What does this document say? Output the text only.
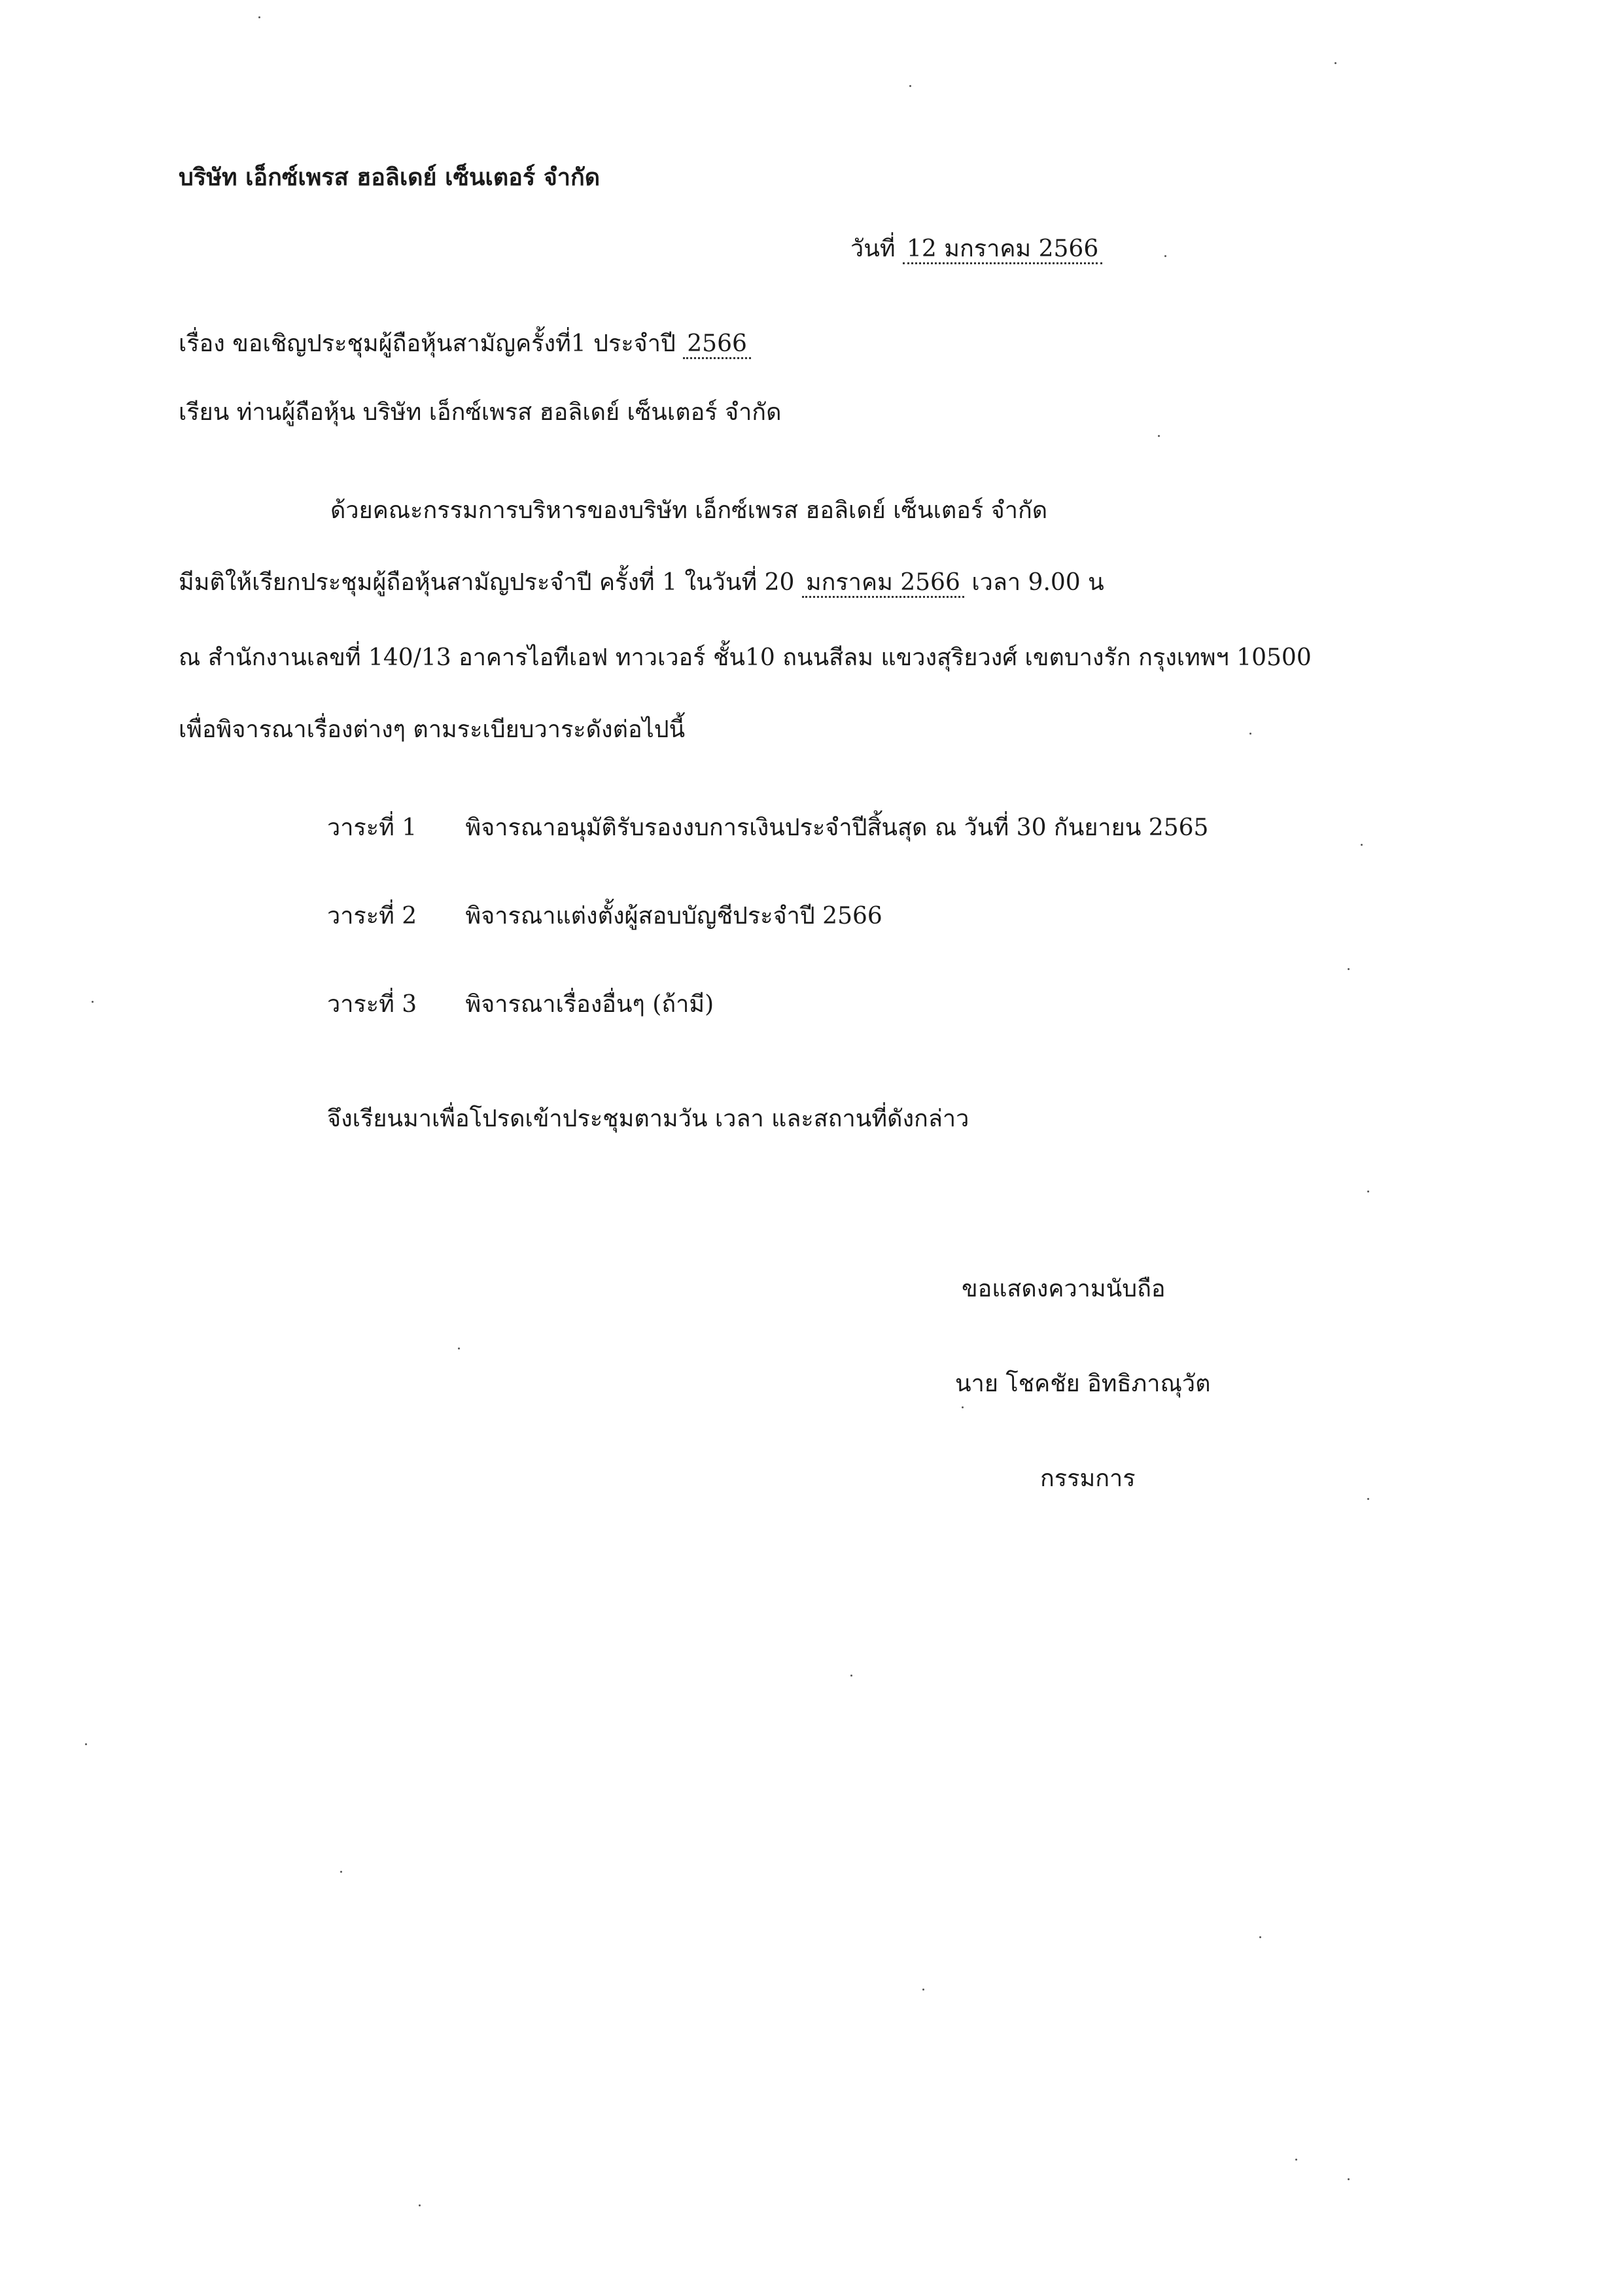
บริษัท เอ็กซ์เพรส ฮอลิเดย์ เซ็นเตอร์ จำกัด
วันที่ 12 มกราคม 2566
เรื่อง ขอเชิญประชุมผู้ถือหุ้นสามัญครั้งที่1 ประจำปี 2566
เรียน ท่านผู้ถือหุ้น บริษัท เอ็กซ์เพรส ฮอลิเดย์ เซ็นเตอร์ จำกัด
ด้วยคณะกรรมการบริหารของบริษัท เอ็กซ์เพรส ฮอลิเดย์ เซ็นเตอร์ จำกัด
มีมติให้เรียกประชุมผู้ถือหุ้นสามัญประจำปี ครั้งที่ 1 ในวันที่ 20 มกราคม 2566 เวลา 9.00 น
ณ สำนักงานเลขที่ 140/13 อาคารไอทีเอฟ ทาวเวอร์ ชั้น10 ถนนสีลม แขวงสุริยวงศ์ เขตบางรัก กรุงเทพฯ 10500
เพื่อพิจารณาเรื่องต่างๆ ตามระเบียบวาระดังต่อไปนี้
วาระที่ 1 พิจารณาอนุมัติรับรองงบการเงินประจำปีสิ้นสุด ณ วันที่ 30 กันยายน 2565
วาระที่ 2 พิจารณาแต่งตั้งผู้สอบบัญชีประจำปี 2566
วาระที่ 3 พิจารณาเรื่องอื่นๆ (ถ้ามี)
จึงเรียนมาเพื่อโปรดเข้าประชุมตามวัน เวลา และสถานที่ดังกล่าว
ขอแสดงความนับถือ
นาย โชคชัย อิทธิภาณุวัต
กรรมการ
